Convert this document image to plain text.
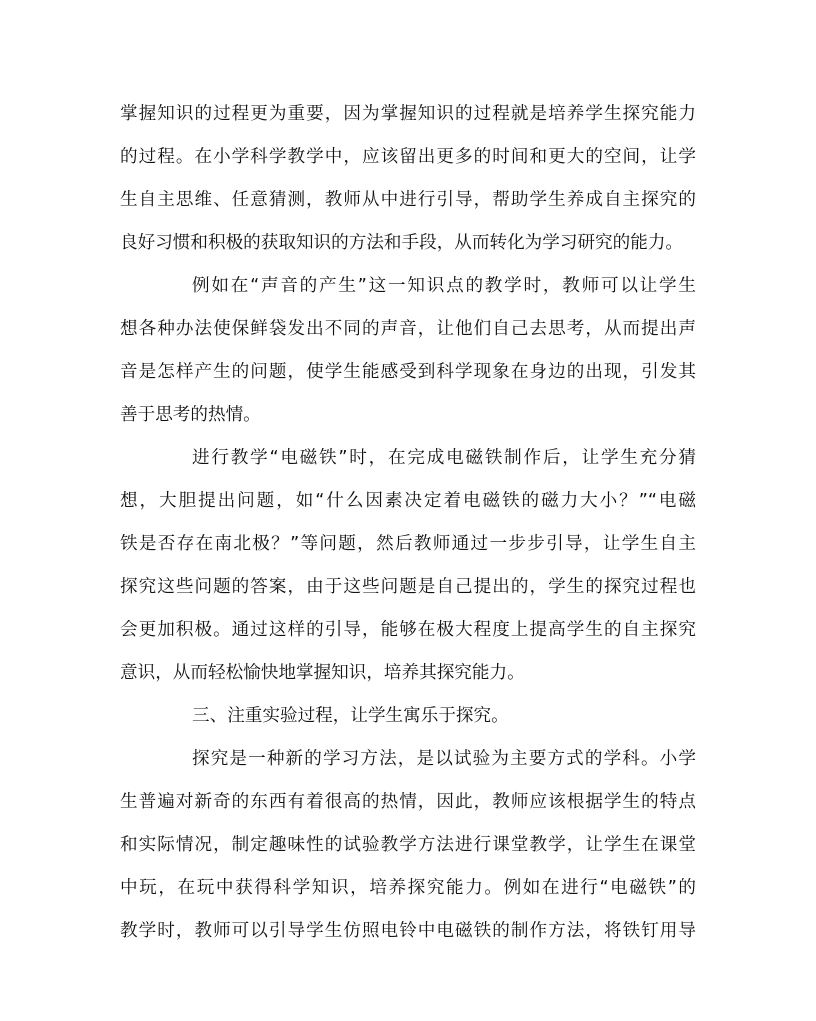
掌握知识的过程更为重要，因为掌握知识的过程就是培养学生探究能力

的过程。在小学科学教学中，应该留出更多的时间和更大的空间，让学

生自主思维、任意猜测，教师从中进行引导，帮助学生养成自主探究的

良好习惯和积极的获取知识的方法和手段，从而转化为学习研究的能力。

例如在“声音的产生”这一知识点的教学时，教师可以让学生

想各种办法使保鲜袋发出不同的声音，让他们自己去思考，从而提出声

音是怎样产生的问题，使学生能感受到科学现象在身边的出现，引发其

善于思考的热情。

进行教学“电磁铁”时，在完成电磁铁制作后，让学生充分猜

想，大胆提出问题，如“什么因素决定着电磁铁的磁力大小？”“电磁

铁是否存在南北极？”等问题，然后教师通过一步步引导，让学生自主

探究这些问题的答案，由于这些问题是自己提出的，学生的探究过程也

会更加积极。通过这样的引导，能够在极大程度上提高学生的自主探究

意识，从而轻松愉快地掌握知识，培养其探究能力。

三、注重实验过程，让学生寓乐于探究。

探究是一种新的学习方法，是以试验为主要方式的学科。小学

生普遍对新奇的东西有着很高的热情，因此，教师应该根据学生的特点

和实际情况，制定趣味性的试验教学方法进行课堂教学，让学生在课堂

中玩，在玩中获得科学知识，培养探究能力。例如在进行“电磁铁”的

教学时，教师可以引导学生仿照电铃中电磁铁的制作方法，将铁钉用导
